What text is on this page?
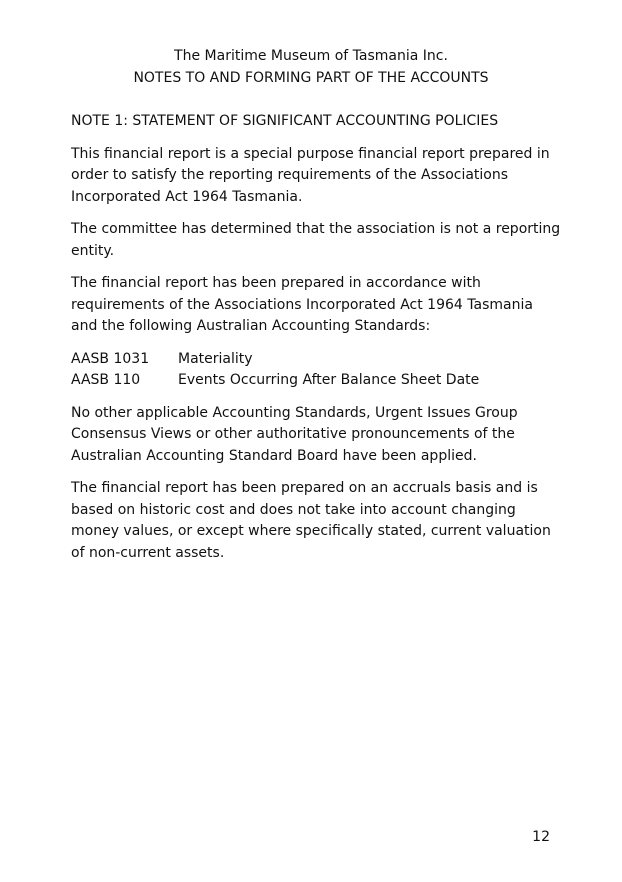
The Maritime Museum of Tasmania Inc.
NOTES TO AND FORMING PART OF THE ACCOUNTS
NOTE 1: STATEMENT OF SIGNIFICANT ACCOUNTING POLICIES

This financial report is a special purpose financial report prepared in order to satisfy the reporting requirements of the Associations Incorporated Act 1964 Tasmania.

The committee has determined that the association is not a reporting entity.

The financial report has been prepared in accordance with requirements of the Associations Incorporated Act 1964 Tasmania and the following Australian Accounting Standards:

AASB 1031	Materiality
AASB 110	Events Occurring After Balance Sheet Date

No other applicable Accounting Standards, Urgent Issues Group Consensus Views or other authoritative pronouncements of the Australian Accounting Standard Board have been applied.

The financial report has been prepared on an accruals basis and is based on historic cost and does not take into account changing money values, or except where specifically stated, current valuation of non-current assets.

12
